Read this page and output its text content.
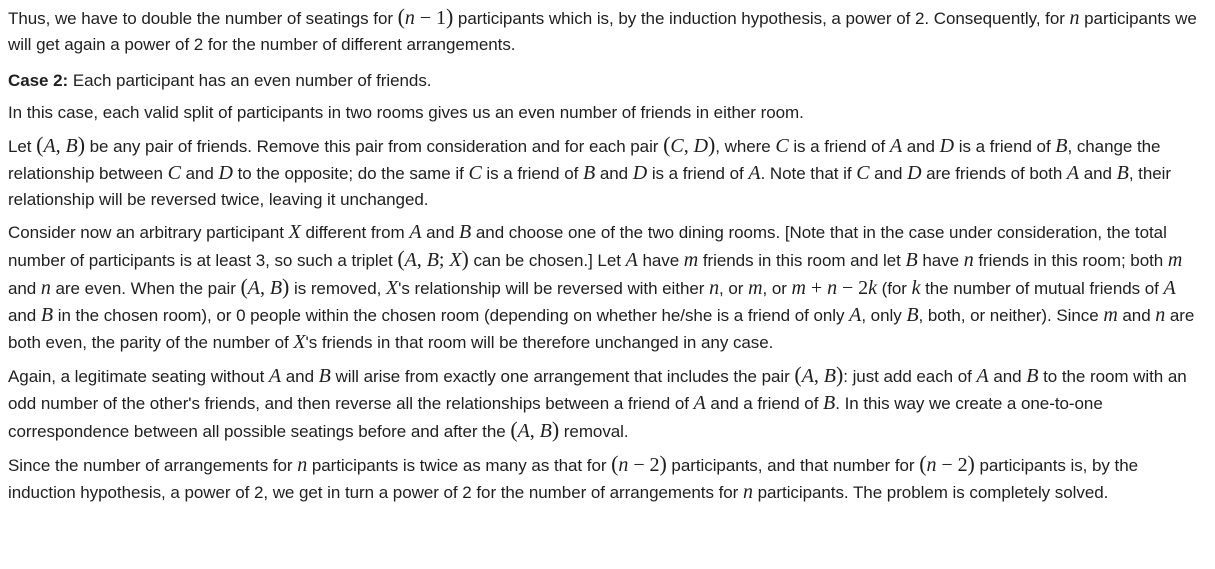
Thus, we have to double the number of seatings for (n − 1) participants which is, by the induction hypothesis, a power of 2. Consequently, for n participants we will get again a power of 2 for the number of different arrangements.

Case 2: Each participant has an even number of friends.

In this case, each valid split of participants in two rooms gives us an even number of friends in either room.

Let (A, B) be any pair of friends. Remove this pair from consideration and for each pair (C, D), where C is a friend of A and D is a friend of B, change the relationship between C and D to the opposite; do the same if C is a friend of B and D is a friend of A. Note that if C and D are friends of both A and B, their relationship will be reversed twice, leaving it unchanged.

Consider now an arbitrary participant X different from A and B and choose one of the two dining rooms. [Note that in the case under consideration, the total number of participants is at least 3, so such a triplet (A, B; X) can be chosen.] Let A have m friends in this room and let B have n friends in this room; both m and n are even. When the pair (A, B) is removed, X's relationship will be reversed with either n, or m, or m + n − 2k (for k the number of mutual friends of A and B in the chosen room), or 0 people within the chosen room (depending on whether he/she is a friend of only A, only B, both, or neither). Since m and n are both even, the parity of the number of X's friends in that room will be therefore unchanged in any case.

Again, a legitimate seating without A and B will arise from exactly one arrangement that includes the pair (A, B): just add each of A and B to the room with an odd number of the other's friends, and then reverse all the relationships between a friend of A and a friend of B. In this way we create a one-to-one correspondence between all possible seatings before and after the (A, B) removal.

Since the number of arrangements for n participants is twice as many as that for (n − 2) participants, and that number for (n − 2) participants is, by the induction hypothesis, a power of 2, we get in turn a power of 2 for the number of arrangements for n participants. The problem is completely solved.
